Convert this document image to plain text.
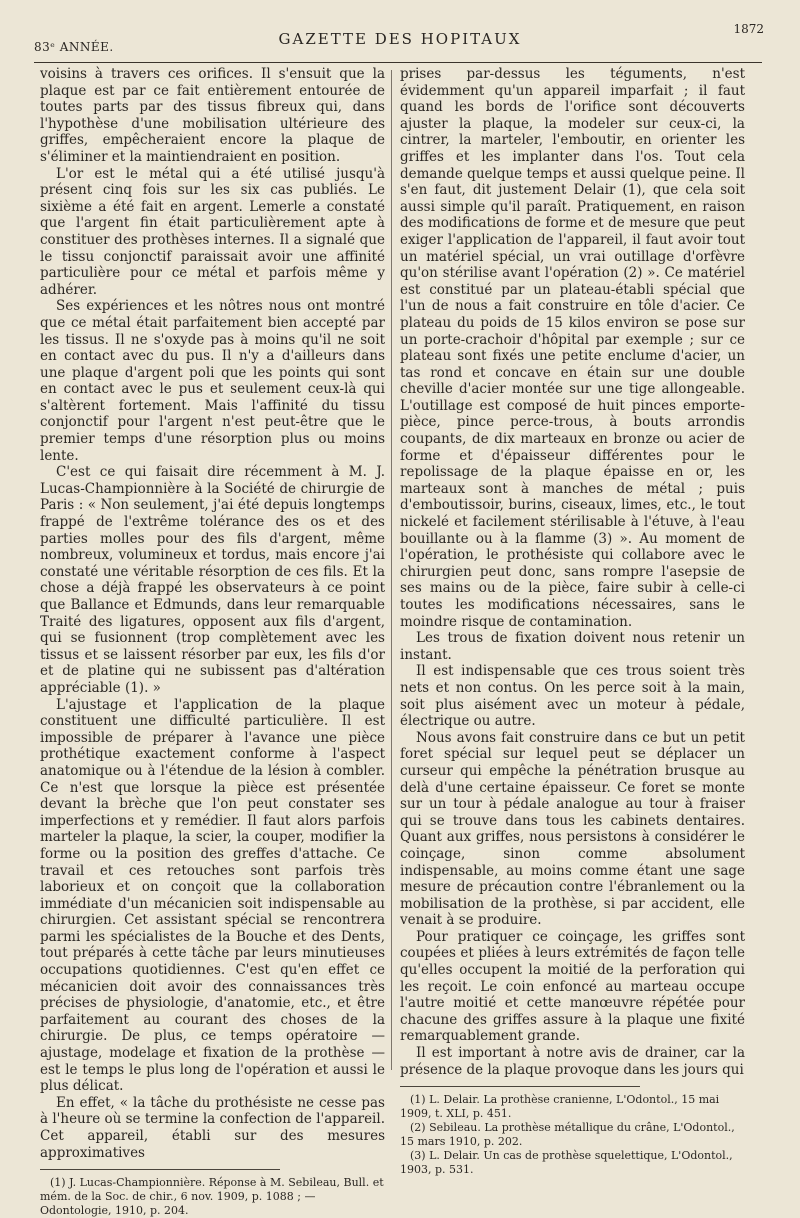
83ᵉ ANNÉE.	GAZETTE DES HOPITAUX
1872

voisins à travers ces orifices. Il s'ensuit que la plaque est par ce fait entièrement entourée de toutes parts par des tissus fibreux qui, dans l'hypothèse d'une mobilisation ultérieure des griffes, empêcheraient encore la plaque de s'éliminer et la maintiendraient en position.

L'or est le métal qui a été utilisé jusqu'à présent cinq fois sur les six cas publiés. Le sixième a été fait en argent. Lemerle a constaté que l'argent fin était particulièrement apte à constituer des prothèses internes. Il a signalé que le tissu conjonctif paraissait avoir une affinité particulière pour ce métal et parfois même y adhérer.

Ses expériences et les nôtres nous ont montré que ce métal était parfaitement bien accepté par les tissus. Il ne s'oxyde pas à moins qu'il ne soit en contact avec du pus. Il n'y a d'ailleurs dans une plaque d'argent poli que les points qui sont en contact avec le pus et seulement ceux-là qui s'altèrent fortement. Mais l'affinité du tissu conjonctif pour l'argent n'est peut-être que le premier temps d'une résorption plus ou moins lente.

C'est ce qui faisait dire récemment à M. J. Lucas-Championnière à la Société de chirurgie de Paris : « Non seulement, j'ai été depuis longtemps frappé de l'extrême tolérance des os et des parties molles pour des fils d'argent, même nombreux, volumineux et tordus, mais encore j'ai constaté une véritable résorption de ces fils. Et la chose a déjà frappé les observateurs à ce point que Ballance et Edmunds, dans leur remarquable Traité des ligatures, opposent aux fils d'argent, qui se fusionnent (trop complètement avec les tissus et se laissent résorber par eux, les fils d'or et de platine qui ne subissent pas d'altération appréciable (1). »

L'ajustage et l'application de la plaque constituent une difficulté particulière. Il est impossible de préparer à l'avance une pièce prothétique exactement conforme à l'aspect anatomique ou à l'étendue de la lésion à combler. Ce n'est que lorsque la pièce est présentée devant la brèche que l'on peut constater ses imperfections et y remédier. Il faut alors parfois marteler la plaque, la scier, la couper, modifier la forme ou la position des greffes d'attache. Ce travail et ces retouches sont parfois très laborieux et on conçoit que la collaboration immédiate d'un mécanicien soit indispensable au chirurgien. Cet assistant spécial se rencontrera parmi les spécialistes de la Bouche et des Dents, tout préparés à cette tâche par leurs minutieuses occupations quotidiennes. C'est qu'en effet ce mécanicien doit avoir des connaissances très précises de physiologie, d'anatomie, etc., et être parfaitement au courant des choses de la chirurgie. De plus, ce temps opératoire — ajustage, modelage et fixation de la prothèse — est le temps le plus long de l'opération et aussi le plus délicat.

En effet, « la tâche du prothésiste ne cesse pas à l'heure où se termine la confection de l'appareil. Cet appareil, établi sur des mesures approximatives

(1) J. Lucas-Championnière. Réponse à M. Sebileau, Bull. et mém. de la Soc. de chir., 6 nov. 1909, p. 1088 ; — Odontologie, 1910, p. 204.

prises par-dessus les téguments, n'est évidemment qu'un appareil imparfait ; il faut quand les bords de l'orifice sont découverts ajuster la plaque, la modeler sur ceux-ci, la cintrer, la marteler, l'emboutir, en orienter les griffes et les implanter dans l'os. Tout cela demande quelque temps et aussi quelque peine. Il s'en faut, dit justement Delair (1), que cela soit aussi simple qu'il paraît. Pratiquement, en raison des modifications de forme et de mesure que peut exiger l'application de l'appareil, il faut avoir tout un matériel spécial, un vrai outillage d'orfèvre qu'on stérilise avant l'opération (2) ». Ce matériel est constitué par un plateau-établi spécial que l'un de nous a fait construire en tôle d'acier. Ce plateau du poids de 15 kilos environ se pose sur un porte-crachoir d'hôpital par exemple ; sur ce plateau sont fixés une petite enclume d'acier, un tas rond et concave en étain sur une double cheville d'acier montée sur une tige allongeable. L'outillage est composé de huit pinces emporte-pièce, pince perce-trous, à bouts arrondis coupants, de dix marteaux en bronze ou acier de forme et d'épaisseur différentes pour le repolissage de la plaque épaisse en or, les marteaux sont à manches de métal ; puis d'emboutissoir, burins, ciseaux, limes, etc., le tout nickelé et facilement stérilisable à l'étuve, à l'eau bouillante ou à la flamme (3) ». Au moment de l'opération, le prothésiste qui collabore avec le chirurgien peut donc, sans rompre l'asepsie de ses mains ou de la pièce, faire subir à celle-ci toutes les modifications nécessaires, sans le moindre risque de contamination.

Les trous de fixation doivent nous retenir un instant.

Il est indispensable que ces trous soient très nets et non contus. On les perce soit à la main, soit plus aisément avec un moteur à pédale, électrique ou autre.

Nous avons fait construire dans ce but un petit foret spécial sur lequel peut se déplacer un curseur qui empêche la pénétration brusque au delà d'une certaine épaisseur. Ce foret se monte sur un tour à pédale analogue au tour à fraiser qui se trouve dans tous les cabinets dentaires. Quant aux griffes, nous persistons à considérer le coinçage, sinon comme absolument indispensable, au moins comme étant une sage mesure de précaution contre l'ébranlement ou la mobilisation de la prothèse, si par accident, elle venait à se produire.

Pour pratiquer ce coinçage, les griffes sont coupées et pliées à leurs extrémités de façon telle qu'elles occupent la moitié de la perforation qui les reçoit. Le coin enfoncé au marteau occupe l'autre moitié et cette manœuvre répétée pour chacune des griffes assure à la plaque une fixité remarquablement grande.

Il est important à notre avis de drainer, car la présence de la plaque provoque dans les jours qui

(1) L. Delair. La prothèse cranienne, L'Odontol., 15 mai 1909, t. XLI, p. 451.
(2) Sebileau. La prothèse métallique du crâne, L'Odontol., 15 mars 1910, p. 202.
(3) L. Delair. Un cas de prothèse squelettique, L'Odontol., 1903, p. 531.
